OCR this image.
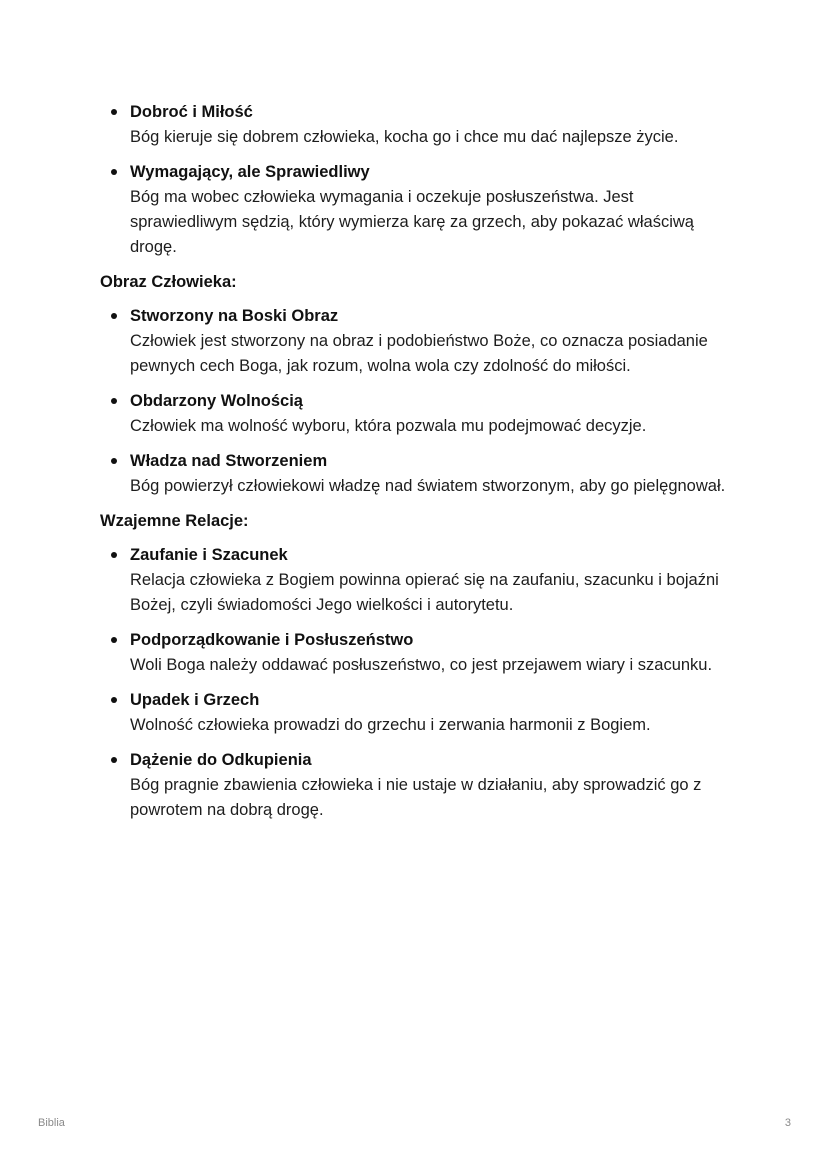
Dobroć i Miłość
Bóg kieruje się dobrem człowieka, kocha go i chce mu dać najlepsze życie.
Wymagający, ale Sprawiedliwy
Bóg ma wobec człowieka wymagania i oczekuje posłuszeństwa. Jest sprawiedliwym sędzią, który wymierza karę za grzech, aby pokazać właściwą drogę.

Obraz Człowieka:

Stworzony na Boski Obraz
Człowiek jest stworzony na obraz i podobieństwo Boże, co oznacza posiadanie pewnych cech Boga, jak rozum, wolna wola czy zdolność do miłości.
Obdarzony Wolnością
Człowiek ma wolność wyboru, która pozwala mu podejmować decyzje.
Władza nad Stworzeniem
Bóg powierzył człowiekowi władzę nad światem stworzonym, aby go pielęgnował.

Wzajemne Relacje:

Zaufanie i Szacunek
Relacja człowieka z Bogiem powinna opierać się na zaufaniu, szacunku i bojaźni Bożej, czyli świadomości Jego wielkości i autorytetu.
Podporządkowanie i Posłuszeństwo
Woli Boga należy oddawać posłuszeństwo, co jest przejawem wiary i szacunku.
Upadek i Grzech
Wolność człowieka prowadzi do grzechu i zerwania harmonii z Bogiem.
Dążenie do Odkupienia
Bóg pragnie zbawienia człowieka i nie ustaje w działaniu, aby sprowadzić go z powrotem na dobrą drogę.
Biblia	3
